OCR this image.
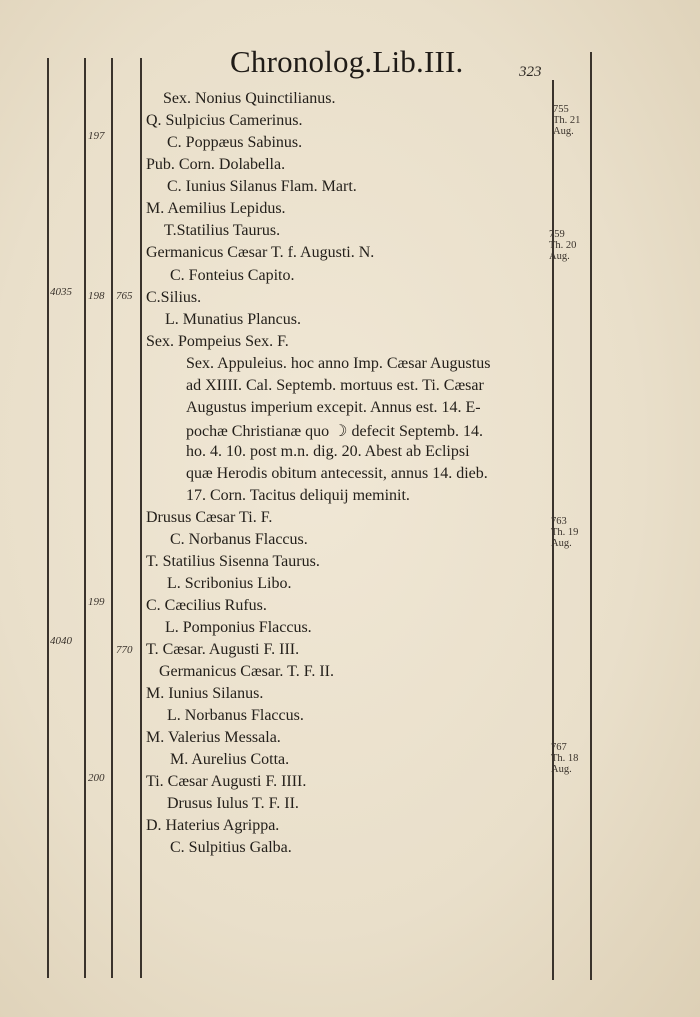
Chronolog.Lib.III.	323
Sex. Nonius Quinctilianus.
Q. Sulpicius Camerinus.
C. Poppæus Sabinus.
Pub. Corn. Dolabella.
C. Iunius Silanus Flam. Mart.
M. Aemilius Lepidus.
T.Statilius Taurus.
Germanicus Cæsar T. f. Augusti. N.
C. Fonteius Capito.
C.Silius.
L. Munatius Plancus.
Sex. Pompeius Sex. F.
Sex. Appuleius. hoc anno Imp. Cæsar Augustus
ad XIIII. Cal. Septemb. mortuus est. Ti. Cæsar
Augustus imperium excepit. Annus est. 14. E-
pochæ Christianæ quo ☽ defecit Septemb. 14.
ho. 4. 10. post m.n. dig. 20. Abest ab Eclipsi
quæ Herodis obitum antecessit, annus 14. dieb.
17. Corn. Tacitus deliquij meminit.
Drusus Cæsar Ti. F.
C. Norbanus Flaccus.
T. Statilius Sisenna Taurus.
L. Scribonius Libo.
C. Cæcilius Rufus.
L. Pomponius Flaccus.
T. Cæsar. Augusti F. III.
Germanicus Cæsar. T. F. II.
M. Iunius Silanus.
L. Norbanus Flaccus.
M. Valerius Messala.
M. Aurelius Cotta.
Ti. Cæsar Augusti F. IIII.
Drusus Iulus T. F. II.
D. Haterius Agrippa.
C. Sulpitius Galba.
197
4035 198 765
199
4040
770
200
755
Th. 21
Aug.
759
Th. 20
Aug.
763
Th. 19
Aug.
767
Th. 18
Aug.
